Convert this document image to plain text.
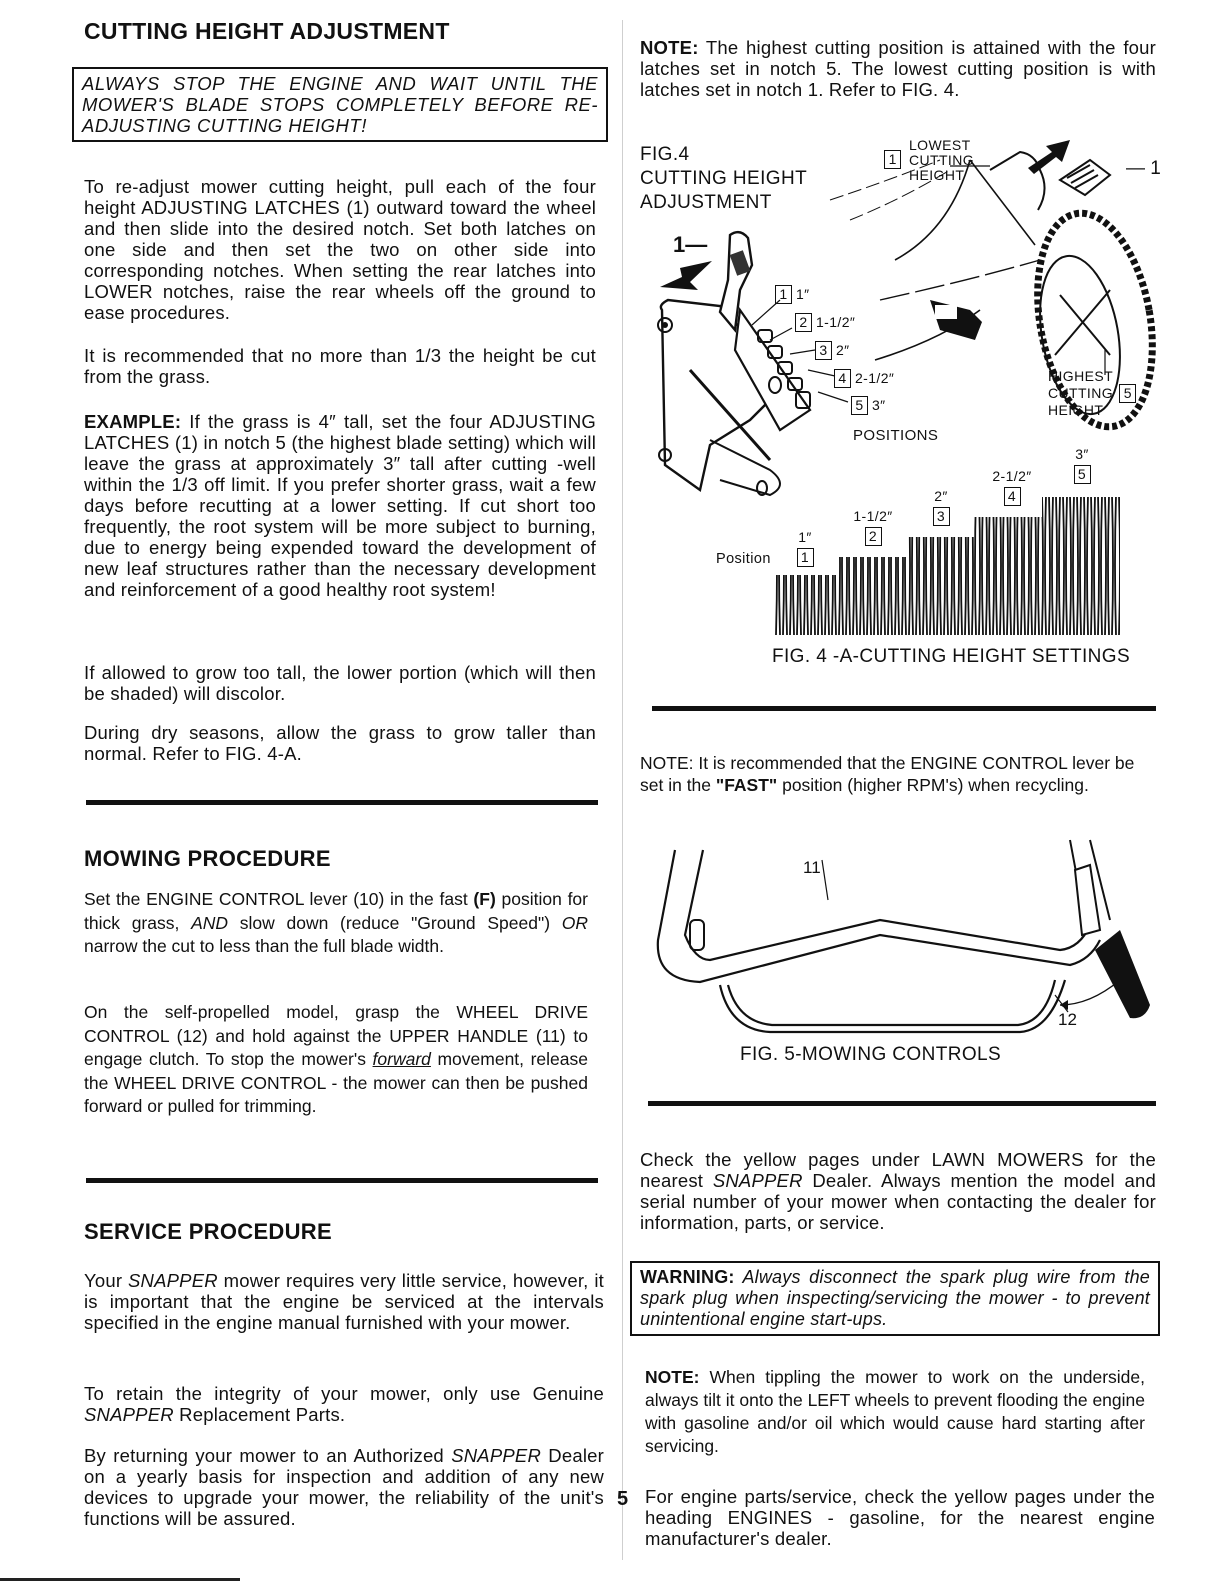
CUTTING HEIGHT ADJUSTMENT

ALWAYS STOP THE ENGINE AND WAIT UNTIL THE MOWER'S BLADE STOPS COMPLETELY BEFORE RE-ADJUSTING CUTTING HEIGHT!

To re-adjust mower cutting height, pull each of the four height ADJUSTING LATCHES (1) outward toward the wheel and then slide into the desired notch. Set both latches on one side and then set the two on other side into corresponding notches. When setting the rear latches into LOWER notches, raise the rear wheels off the ground to ease procedures.

It is recommended that no more than 1/3 the height be cut from the grass.

EXAMPLE: If the grass is 4″ tall, set the four ADJUSTING LATCHES (1) in notch 5 (the highest blade setting) which will leave the grass at approximately 3″ tall after cutting -well within the 1/3 off limit. If you prefer shorter grass, wait a few days before recutting at a lower setting. If cut short too frequently, the root system will be more subject to burning, due to energy being expended toward the development of new leaf structures rather than the necessary development and reinforcement of a good healthy root system!

If allowed to grow too tall, the lower portion (which will then be shaded) will discolor.

During dry seasons, allow the grass to grow taller than normal. Refer to FIG. 4-A.

MOWING PROCEDURE

Set the ENGINE CONTROL lever (10) in the fast (F) position for thick grass, AND slow down (reduce "Ground Speed") OR narrow the cut to less than the full blade width.

On the self-propelled model, grasp the WHEEL DRIVE CONTROL (12) and hold against the UPPER HANDLE (11) to engage clutch. To stop the mower's forward movement, release the WHEEL DRIVE CONTROL - the mower can then be pushed forward or pulled for trimming.

SERVICE PROCEDURE

Your SNAPPER mower requires very little service, however, it is important that the engine be serviced at the intervals specified in the engine manual furnished with your mower.

To retain the integrity of your mower, only use Genuine SNAPPER Replacement Parts.

By returning your mower to an Authorized SNAPPER Dealer on a yearly basis for inspection and addition of any new devices to upgrade your mower, the reliability of the unit's functions will be assured.

5

NOTE: The highest cutting position is attained with the four latches set in notch 5. The lowest cutting position is with latches set in notch 1. Refer to FIG. 4.

FIG.4
CUTTING HEIGHT
ADJUSTMENT
1—
— 1
1
LOWEST
CUTTING
HEIGHT
HIGHEST
CUTTING 5
HEIGHT
1 1″
2 1-1/2″
3 2″
4 2-1/2″
5 3″
POSITIONS
Position
1″
1
1-1/2″
2
2″
3
2-1/2″
4
3″
5
FIG. 4 -A-CUTTING HEIGHT SETTINGS

NOTE: It is recommended that the ENGINE CONTROL lever be set in the "FAST" position (higher RPM's) when recycling.

11
12
FIG. 5-MOWING CONTROLS

Check the yellow pages under LAWN MOWERS for the nearest SNAPPER Dealer. Always mention the model and serial number of your mower when contacting the dealer for information, parts, or service.

WARNING: Always disconnect the spark plug wire from the spark plug when inspecting/servicing the mower - to prevent unintentional engine start-ups.

NOTE: When tippling the mower to work on the underside, always tilt it onto the LEFT wheels to prevent flooding the engine with gasoline and/or oil which would cause hard starting after servicing.

For engine parts/service, check the yellow pages under the heading ENGINES - gasoline, for the nearest engine manufacturer's dealer.
